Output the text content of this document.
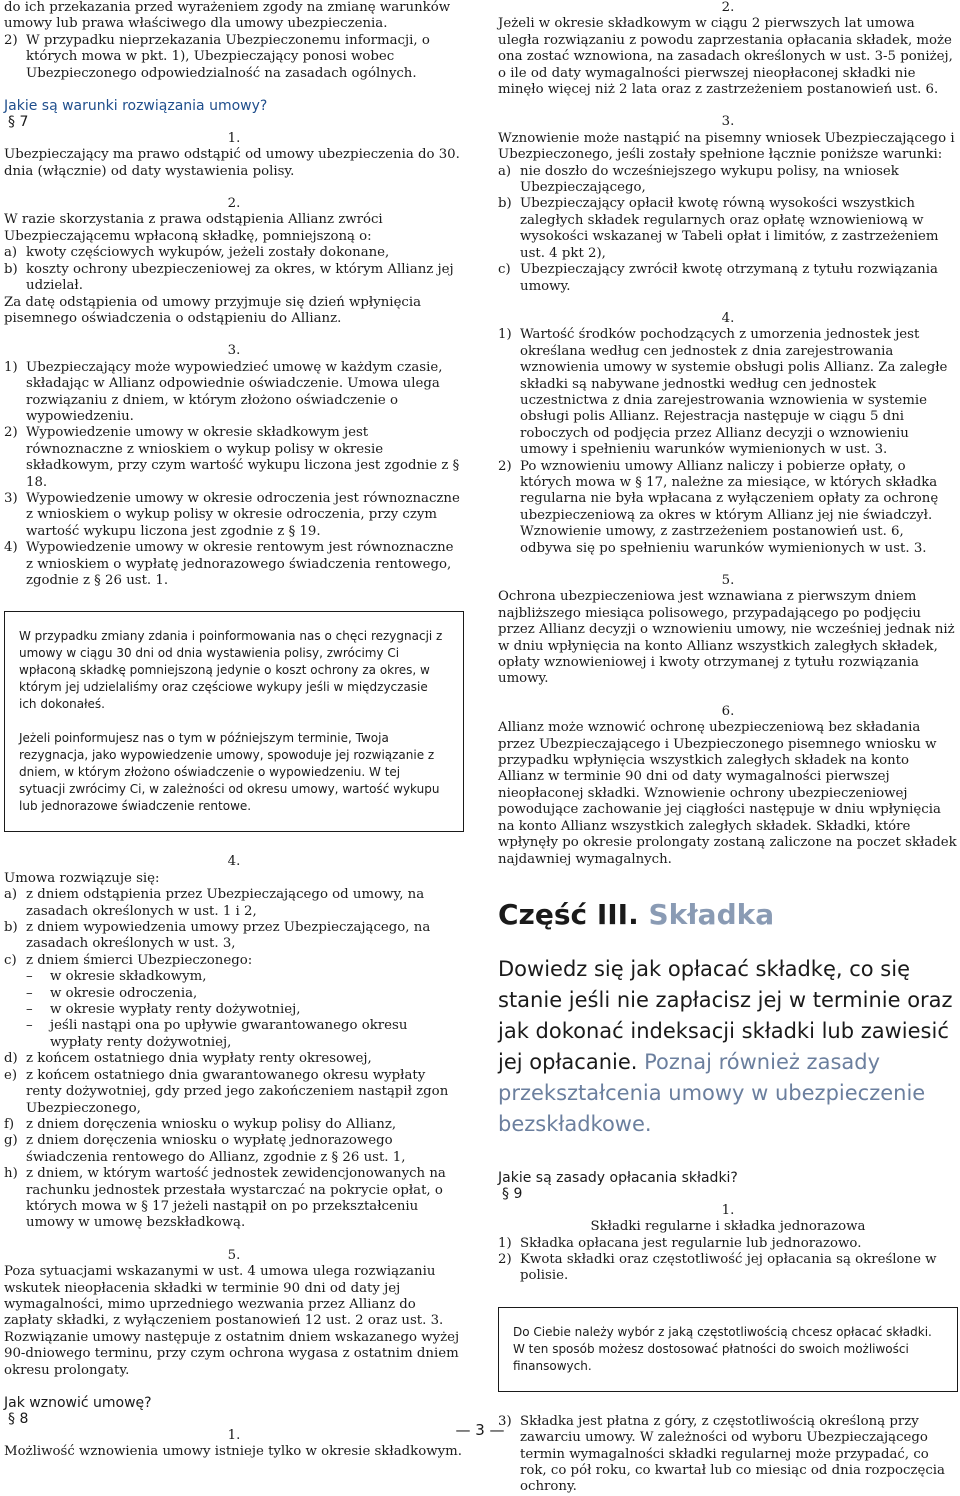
do ich przekazania przed wyrażeniem zgody na zmianę warunków umowy lub prawa właściwego dla umowy ubezpieczenia.

2) W przypadku nieprzekazania Ubezpieczonemu informacji, o których mowa w pkt. 1), Ubezpieczający ponosi wobec Ubezpieczonego odpowiedzialność na zasadach ogólnych.

Jakie są warunki rozwiązania umowy?

§ 7

1.

Ubezpieczający ma prawo odstąpić od umowy ubezpieczenia do 30. dnia (włącznie) od daty wystawienia polisy.

2.

W razie skorzystania z prawa odstąpienia Allianz zwróci Ubezpieczającemu wpłaconą składkę, pomniejszoną o:

a) kwoty częściowych wykupów, jeżeli zostały dokonane,
b) koszty ochrony ubezpieczeniowej za okres, w którym Allianz jej udzielał.

Za datę odstąpienia od umowy przyjmuje się dzień wpłynięcia pisemnego oświadczenia o odstąpieniu do Allianz.

3.

1) Ubezpieczający może wypowiedzieć umowę w każdym czasie, składając w Allianz odpowiednie oświadczenie. Umowa ulega rozwiązaniu z dniem, w którym złożono oświadczenie o wypowiedzeniu.
2) Wypowiedzenie umowy w okresie składkowym jest równoznaczne z wnioskiem o wykup polisy w okresie składkowym, przy czym wartość wykupu liczona jest zgodnie z § 18.
3) Wypowiedzenie umowy w okresie odroczenia jest równoznaczne z wnioskiem o wykup polisy w okresie odroczenia, przy czym wartość wykupu liczona jest zgodnie z § 19.
4) Wypowiedzenie umowy w okresie rentowym jest równoznaczne z wnioskiem o wypłatę jednorazowego świadczenia rentowego, zgodnie z § 26 ust. 1.

W przypadku zmiany zdania i poinformowania nas o chęci rezygnacji z umowy w ciągu 30 dni od dnia wystawienia polisy, zwrócimy Ci wpłaconą składkę pomniejszoną jedynie o koszt ochrony za okres, w którym jej udzielaliśmy oraz częściowe wykupy jeśli w międzyczasie ich dokonałeś.

Jeżeli poinformujesz nas o tym w późniejszym terminie, Twoja rezygnacja, jako wypowiedzenie umowy, spowoduje jej rozwiązanie z dniem, w którym złożono oświadczenie o wypowiedzeniu. W tej sytuacji zwrócimy Ci, w zależności od okresu umowy, wartość wykupu lub jednorazowe świadczenie rentowe.

4.

Umowa rozwiązuje się:

a) z dniem odstąpienia przez Ubezpieczającego od umowy, na zasadach określonych w ust. 1 i 2,
b) z dniem wypowiedzenia umowy przez Ubezpieczającego, na zasadach określonych w ust. 3,
c) z dniem śmierci Ubezpieczonego:
–	w okresie składkowym,
–	w okresie odroczenia,
–	w okresie wypłaty renty dożywotniej,
–	jeśli nastąpi ona po upływie gwarantowanego okresu wypłaty renty dożywotniej,
d) z końcem ostatniego dnia wypłaty renty okresowej,
e) z końcem ostatniego dnia gwarantowanego okresu wypłaty renty dożywotniej, gdy przed jego zakończeniem nastąpił zgon Ubezpieczonego,
f) z dniem doręczenia wniosku o wykup polisy do Allianz,
g) z dniem doręczenia wniosku o wypłatę jednorazowego świadczenia rentowego do Allianz, zgodnie z § 26 ust. 1,
h) z dniem, w którym wartość jednostek zewidencjonowanych na rachunku jednostek przestała wystarczać na pokrycie opłat, o których mowa w § 17 jeżeli nastąpił on po przekształceniu umowy w umowę bezskładkową.

5.

Poza sytuacjami wskazanymi w ust. 4 umowa ulega rozwiązaniu wskutek nieopłacenia składki w terminie 90 dni od daty jej wymagalności, mimo uprzedniego wezwania przez Allianz do zapłaty składki, z wyłączeniem postanowień 12 ust. 2 oraz ust. 3. Rozwiązanie umowy następuje z ostatnim dniem wskazanego wyżej 90-dniowego terminu, przy czym ochrona wygasa z ostatnim dniem okresu prolongaty.

Jak wznowić umowę?

§ 8

1.

Możliwość wznowienia umowy istnieje tylko w okresie składkowym.

2.

Jeżeli w okresie składkowym w ciągu 2 pierwszych lat umowa uległa rozwiązaniu z powodu zaprzestania opłacania składek, może ona zostać wznowiona, na zasadach określonych w ust. 3-5 poniżej, o ile od daty wymagalności pierwszej nieopłaconej składki nie minęło więcej niż 2 lata oraz z zastrzeżeniem postanowień ust. 6.

3.

Wznowienie może nastąpić na pisemny wniosek Ubezpieczającego i Ubezpieczonego, jeśli zostały spełnione łącznie poniższe warunki:

a) nie doszło do wcześniejszego wykupu polisy, na wniosek Ubezpieczającego,
b) Ubezpieczający opłacił kwotę równą wysokości wszystkich zaległych składek regularnych oraz opłatę wznowieniową w wysokości wskazanej w Tabeli opłat i limitów, z zastrzeżeniem ust. 4 pkt 2),
c) Ubezpieczający zwrócił kwotę otrzymaną z tytułu rozwiązania umowy.

4.

1) Wartość środków pochodzących z umorzenia jednostek jest określana według cen jednostek z dnia zarejestrowania wznowienia umowy w systemie obsługi polis Allianz. Za zaległe składki są nabywane jednostki według cen jednostek uczestnictwa z dnia zarejestrowania wznowienia w systemie obsługi polis Allianz. Rejestracja następuje w ciągu 5 dni roboczych od podjęcia przez Allianz decyzji o wznowieniu umowy i spełnieniu warunków wymienionych w ust. 3.
2) Po wznowieniu umowy Allianz naliczy i pobierze opłaty, o których mowa w § 17, należne za miesiące, w których składka regularna nie była wpłacana z wyłączeniem opłaty za ochronę ubezpieczeniową za okres w którym Allianz jej nie świadczył. Wznowienie umowy, z zastrzeżeniem postanowień ust. 6, odbywa się po spełnieniu warunków wymienionych w ust. 3.

5.

Ochrona ubezpieczeniowa jest wznawiana z pierwszym dniem najbliższego miesiąca polisowego, przypadającego po podjęciu przez Allianz decyzji o wznowieniu umowy, nie wcześniej jednak niż w dniu wpłynięcia na konto Allianz wszystkich zaległych składek, opłaty wznowieniowej i kwoty otrzymanej z tytułu rozwiązania umowy.

6.

Allianz może wznowić ochronę ubezpieczeniową bez składania przez Ubezpieczającego i Ubezpieczonego pisemnego wniosku w przypadku wpłynięcia wszystkich zaległych składek na konto Allianz w terminie 90 dni od daty wymagalności pierwszej nieopłaconej składki. Wznowienie ochrony ubezpieczeniowej powodujące zachowanie jej ciągłości następuje w dniu wpłynięcia na konto Allianz wszystkich zaległych składek. Składki, które wpłynęły po okresie prolongaty zostaną zaliczone na poczet składek najdawniej wymagalnych.

Część III. Składka

Dowiedz się jak opłacać składkę, co się stanie jeśli nie zapłacisz jej w terminie oraz jak dokonać indeksacji składki lub zawiesić jej opłacanie. Poznaj również zasady przekształcenia umowy w ubezpieczenie bezskładkowe.

Jakie są zasady opłacania składki?

§ 9

1.

Składki regularne i składka jednorazowa

1) Składka opłacana jest regularnie lub jednorazowo.
2) Kwota składki oraz częstotliwość jej opłacania są określone w polisie.

Do Ciebie należy wybór z jaką częstotliwością chcesz opłacać składki. W ten sposób możesz dostosować płatności do swoich możliwości finansowych.

3) Składka jest płatna z góry, z częstotliwością określoną przy zawarciu umowy. W zależności od wyboru Ubezpieczającego termin wymagalności składki regularnej może przypadać, co rok, co pół roku, co kwartał lub co miesiąc od dnia rozpoczęcia ochrony.
— 3 —
